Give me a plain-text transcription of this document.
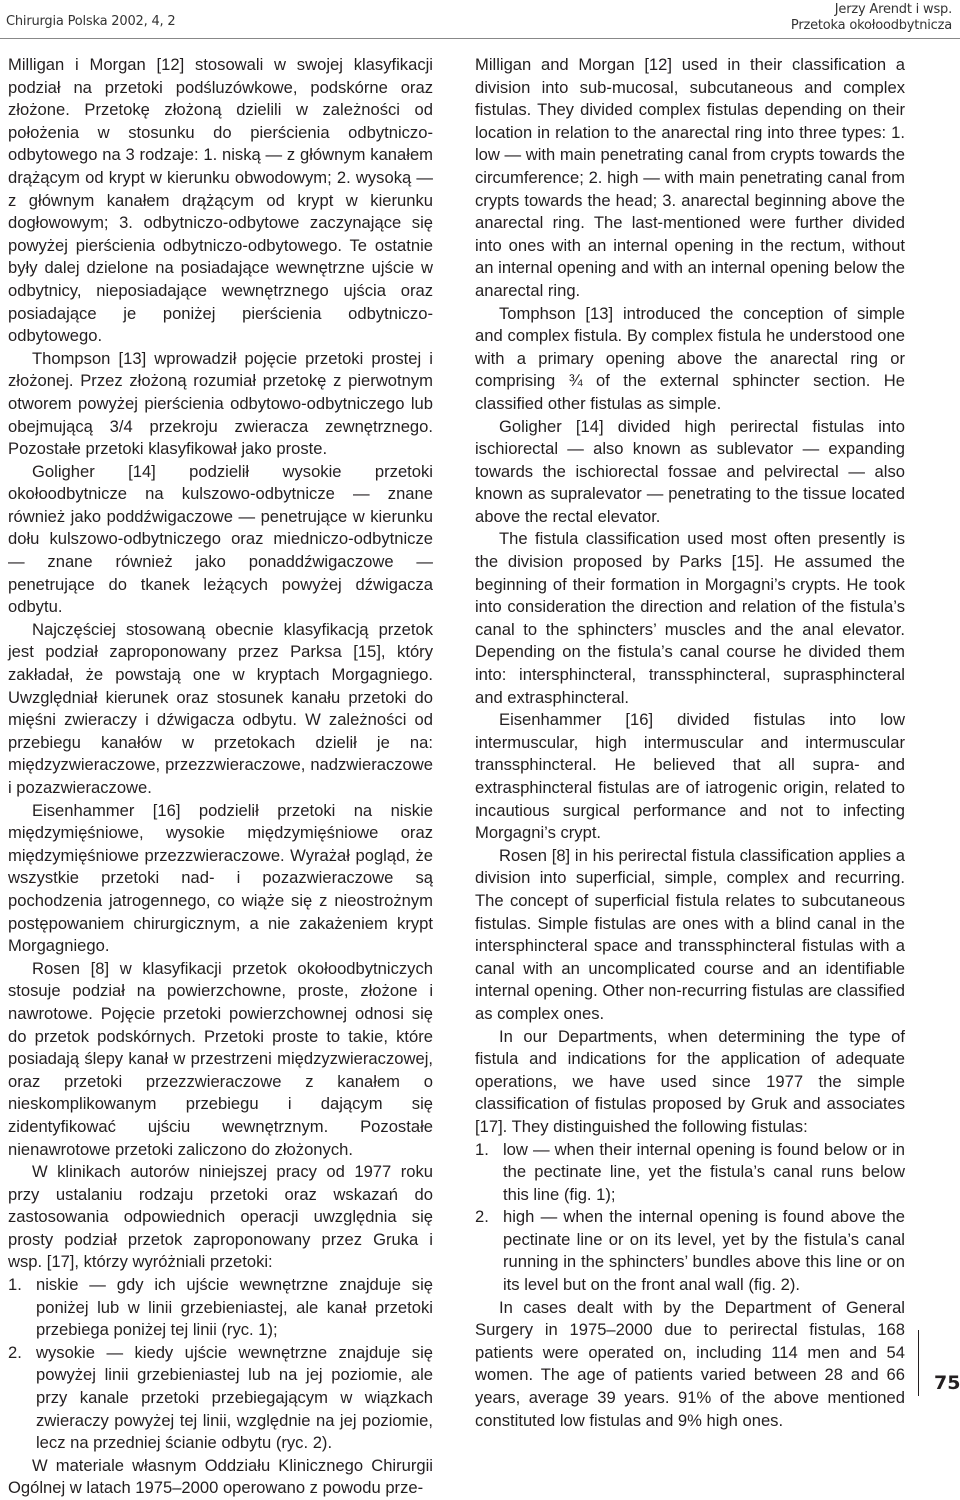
Chirurgia Polska 2002, 4, 2
Jerzy Arendt i wsp.
Przetoka okołoodbytnicza

Milligan i Morgan [12] stosowali w swojej klasyfikacji podział na przetoki podśluzówkowe, podskórne oraz złożone. Przetokę złożoną dzielili w zależności od położenia w stosunku do pierścienia odbytniczo-odbytowego na 3 rodzaje: 1. niską — z głównym kanałem drążącym od krypt w kierunku obwodowym; 2. wysoką — z głównym kanałem drążącym od krypt w kierunku dogłowowym; 3. odbytniczo-odbytowe zaczynające się powyżej pierścienia odbytniczo-odbytowego. Te ostatnie były dalej dzielone na posiadające wewnętrzne ujście w odbytnicy, nieposiadające wewnętrznego ujścia oraz posiadające je poniżej pierścienia odbytniczo-odbytowego.

Thompson [13] wprowadził pojęcie przetoki prostej i złożonej. Przez złożoną rozumiał przetokę z pierwotnym otworem powyżej pierścienia odbytowo-odbytniczego lub obejmującą 3/4 przekroju zwieracza zewnętrznego. Pozostałe przetoki klasyfikował jako proste.

Goligher [14] podzielił wysokie przetoki okołoodbytnicze na kulszowo-odbytnicze — znane również jako poddźwigaczowe — penetrujące w kierunku dołu kulszowo-odbytniczego oraz miedniczo-odbytnicze — znane również jako ponaddźwigaczowe — penetrujące do tkanek leżących powyżej dźwigacza odbytu.

Najczęściej stosowaną obecnie klasyfikacją przetok jest podział zaproponowany przez Parksa [15], który zakładał, że powstają one w kryptach Morgagniego. Uwzględniał kierunek oraz stosunek kanału przetoki do mięśni zwieraczy i dźwigacza odbytu. W zależności od przebiegu kanałów w przetokach dzielił je na: międzyzwieraczowe, przezzwieraczowe, nadzwieraczowe i pozazwieraczowe.

Eisenhammer [16] podzielił przetoki na niskie międzymięśniowe, wysokie międzymięśniowe oraz międzymięśniowe przezzwieraczowe. Wyrażał pogląd, że wszystkie przetoki nad- i pozazwieraczowe są pochodzenia jatrogennego, co wiąże się z nieostrożnym postępowaniem chirurgicznym, a nie zakażeniem krypt Morgagniego.

Rosen [8] w klasyfikacji przetok okołoodbytniczych stosuje podział na powierzchowne, proste, złożone i nawrotowe. Pojęcie przetoki powierzchownej odnosi się do przetok podskórnych. Przetoki proste to takie, które posiadają ślepy kanał w przestrzeni międzyzwieraczowej, oraz przetoki przezzwieraczowe z kanałem o nieskomplikowanym przebiegu i dającym się zidentyfikować ujściu wewnętrznym. Pozostałe nienawrotowe przetoki zaliczono do złożonych.

W klinikach autorów niniejszej pracy od 1977 roku przy ustalaniu rodzaju przetoki oraz wskazań do zastosowania odpowiednich operacji uwzględnia się prosty podział przetok zaproponowany przez Gruka i wsp. [17], którzy wyróżniali przetoki:

1. niskie — gdy ich ujście wewnętrzne znajduje się poniżej lub w linii grzebieniastej, ale kanał przetoki przebiega poniżej tej linii (ryc. 1);
2. wysokie — kiedy ujście wewnętrzne znajduje się powyżej linii grzebieniastej lub na jej poziomie, ale przy kanale przetoki przebiegającym w wiązkach zwieraczy powyżej tej linii, względnie na jej poziomie, lecz na przedniej ścianie odbytu (ryc. 2).

W materiale własnym Oddziału Klinicznego Chirurgii Ogólnej w latach 1975–2000 operowano z powodu prze-

Milligan and Morgan [12] used in their classification a division into sub-mucosal, subcutaneous and complex fistulas. They divided complex fistulas depending on their location in relation to the anarectal ring into three types: 1. low — with main penetrating canal from crypts towards the circumference; 2. high — with main penetrating canal from crypts towards the head; 3. anarectal beginning above the anarectal ring. The last-mentioned were further divided into ones with an internal opening in the rectum, without an internal opening and with an internal opening below the anarectal ring.

Tomphson [13] introduced the conception of simple and complex fistula. By complex fistula he understood one with a primary opening above the anarectal ring or comprising ¾ of the external sphincter section. He classified other fistulas as simple.

Goligher [14] divided high perirectal fistulas into ischiorectal — also known as sublevator — expanding towards the ischiorectal fossae and pelvirectal — also known as supralevator — penetrating to the tissue located above the rectal elevator.

The fistula classification used most often presently is the division proposed by Parks [15]. He assumed the beginning of their formation in Morgagni’s crypts. He took into consideration the direction and relation of the fistula’s canal to the sphincters’ muscles and the anal elevator. Depending on the fistula’s canal course he divided them into: intersphincteral, transsphincteral, suprasphincteral and extrasphincteral.

Eisenhammer [16] divided fistulas into low intermuscular, high intermuscular and intermuscular transsphincteral. He believed that all supra- and extrasphincteral fistulas are of iatrogenic origin, related to incautious surgical performance and not to infecting Morgagni’s crypt.

Rosen [8] in his perirectal fistula classification applies a division into superficial, simple, complex and recurring. The concept of superficial fistula relates to subcutaneous fistulas. Simple fistulas are ones with a blind canal in the intersphincteral space and transsphincteral fistulas with a canal with an uncomplicated course and an identifiable internal opening. Other non-recurring fistulas are classified as complex ones.

In our Departments, when determining the type of fistula and indications for the application of adequate operations, we have used since 1977 the simple classification of fistulas proposed by Gruk and associates [17]. They distinguished the following fistulas:

1. low — when their internal opening is found below or in the pectinate line, yet the fistula’s canal runs below this line (fig. 1);
2. high — when the internal opening is found above the pectinate line or on its level, yet by the fistula’s canal running in the sphincters’ bundles above this line or on its level but on the front anal wall (fig. 2).

In cases dealt with by the Department of General Surgery in 1975–2000 due to perirectal fistulas, 168 patients were operated on, including 114 men and 54 women. The age of patients varied between 28 and 66 years, average 39 years. 91% of the above mentioned constituted low fistulas and 9% high ones.

75
